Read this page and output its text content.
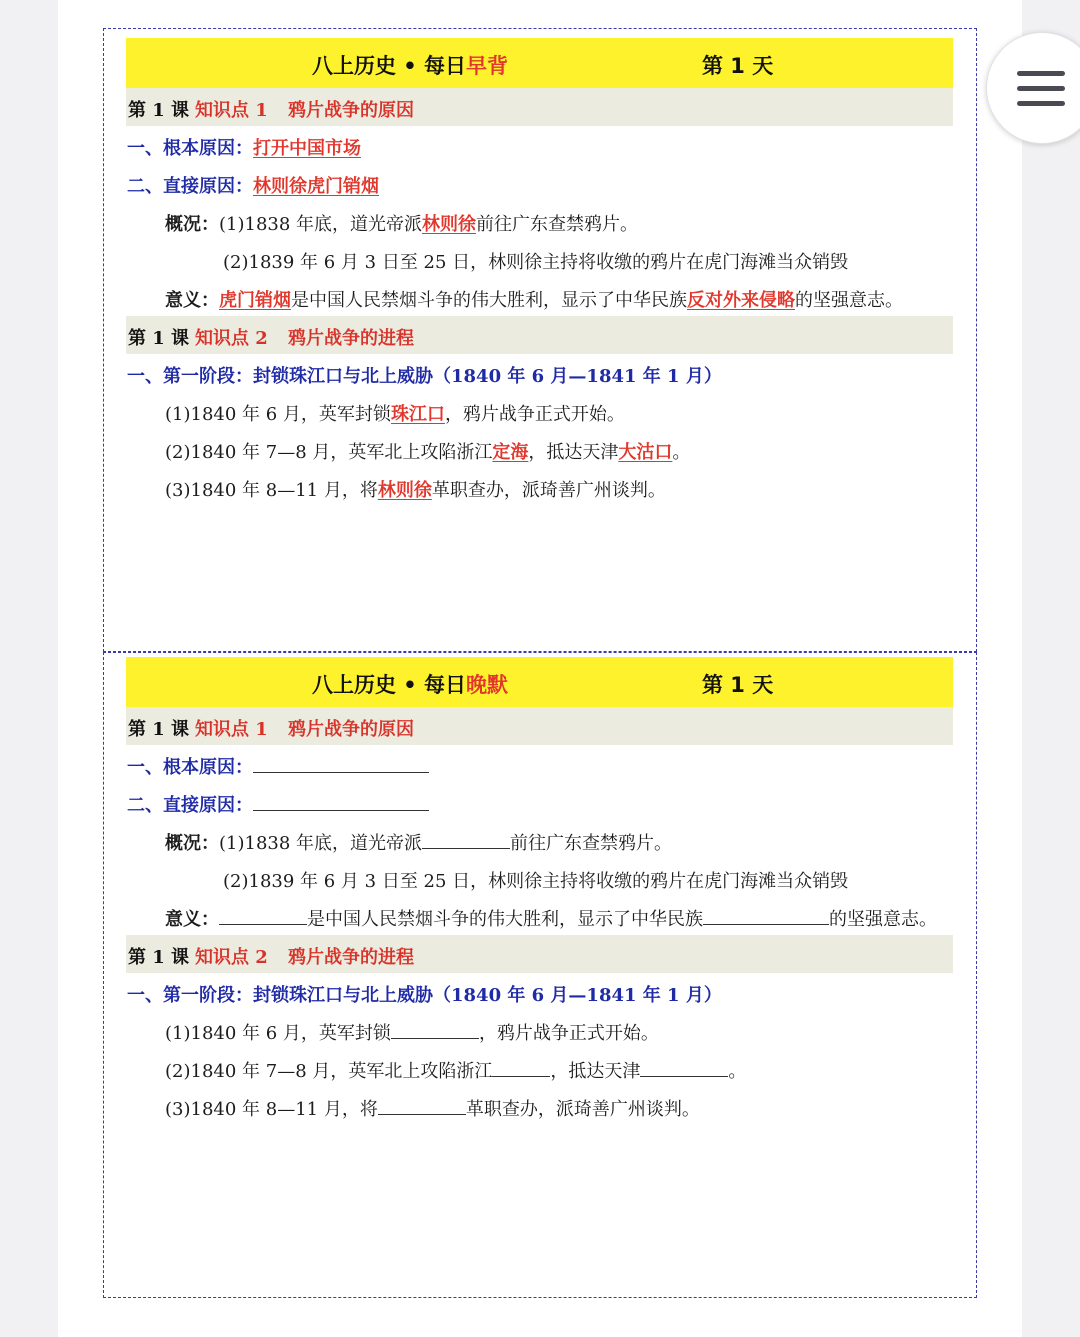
八上历史 • 每日早背	第 1 天
第 1 课 知识点 1 鸦片战争的原因
一、根本原因：打开中国市场
二、直接原因：林则徐虎门销烟
概况：(1)1838 年底，道光帝派林则徐前往广东查禁鸦片。
(2)1839 年 6 月 3 日至 25 日，林则徐主持将收缴的鸦片在虎门海滩当众销毁
意义：虎门销烟是中国人民禁烟斗争的伟大胜利，显示了中华民族反对外来侵略的坚强意志。
第 1 课 知识点 2 鸦片战争的进程
一、第一阶段：封锁珠江口与北上威胁（1840 年 6 月—1841 年 1 月）
(1)1840 年 6 月，英军封锁珠江口，鸦片战争正式开始。
(2)1840 年 7—8 月，英军北上攻陷浙江定海，抵达天津大沽口。
(3)1840 年 8—11 月，将林则徐革职查办，派琦善广州谈判。
八上历史 • 每日晚默	第 1 天
第 1 课 知识点 1 鸦片战争的原因
一、根本原因：
二、直接原因：
概况：(1)1838 年底，道光帝派	前往广东查禁鸦片。
(2)1839 年 6 月 3 日至 25 日，林则徐主持将收缴的鸦片在虎门海滩当众销毁
意义：	是中国人民禁烟斗争的伟大胜利，显示了中华民族	的坚强意志。
第 1 课 知识点 2 鸦片战争的进程
一、第一阶段：封锁珠江口与北上威胁（1840 年 6 月—1841 年 1 月）
(1)1840 年 6 月，英军封锁	，鸦片战争正式开始。
(2)1840 年 7—8 月，英军北上攻陷浙江	，抵达天津	。
(3)1840 年 8—11 月，将	革职查办，派琦善广州谈判。
